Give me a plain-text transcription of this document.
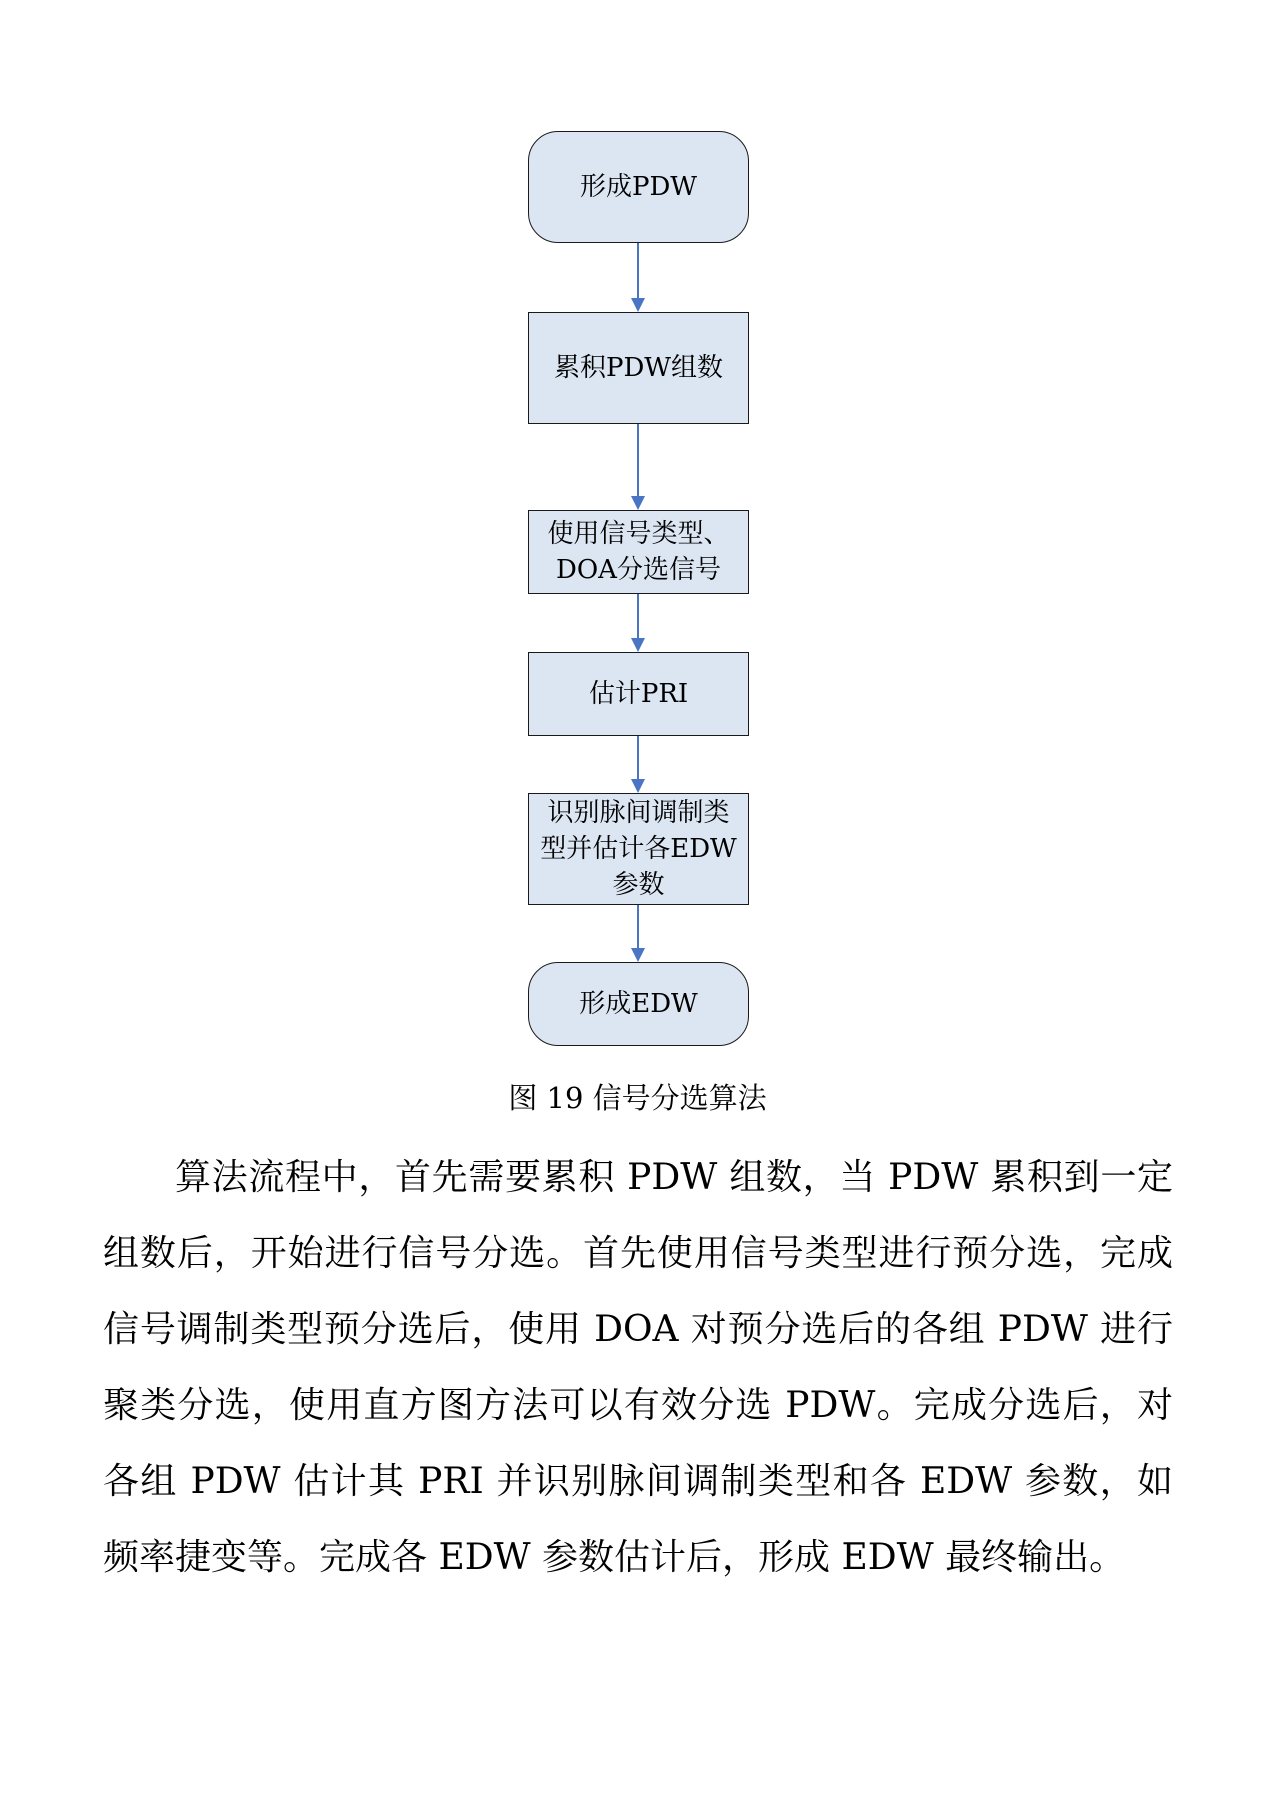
形成PDW
累积PDW组数
使用信号类型、
DOA分选信号
估计PRI
识别脉间调制类
型并估计各EDW
参数
形成EDW
图 19 信号分选算法

算法流程中，首先需要累积 PDW 组数，当 PDW 累积到一定组数后，开始进行信号分选。首先使用信号类型进行预分选，完成信号调制类型预分选后，使用 DOA 对预分选后的各组 PDW 进行聚类分选，使用直方图方法可以有效分选 PDW。完成分选后，对各组 PDW 估计其 PRI 并识别脉间调制类型和各 EDW 参数，如频率捷变等。完成各 EDW 参数估计后，形成 EDW 最终输出。
